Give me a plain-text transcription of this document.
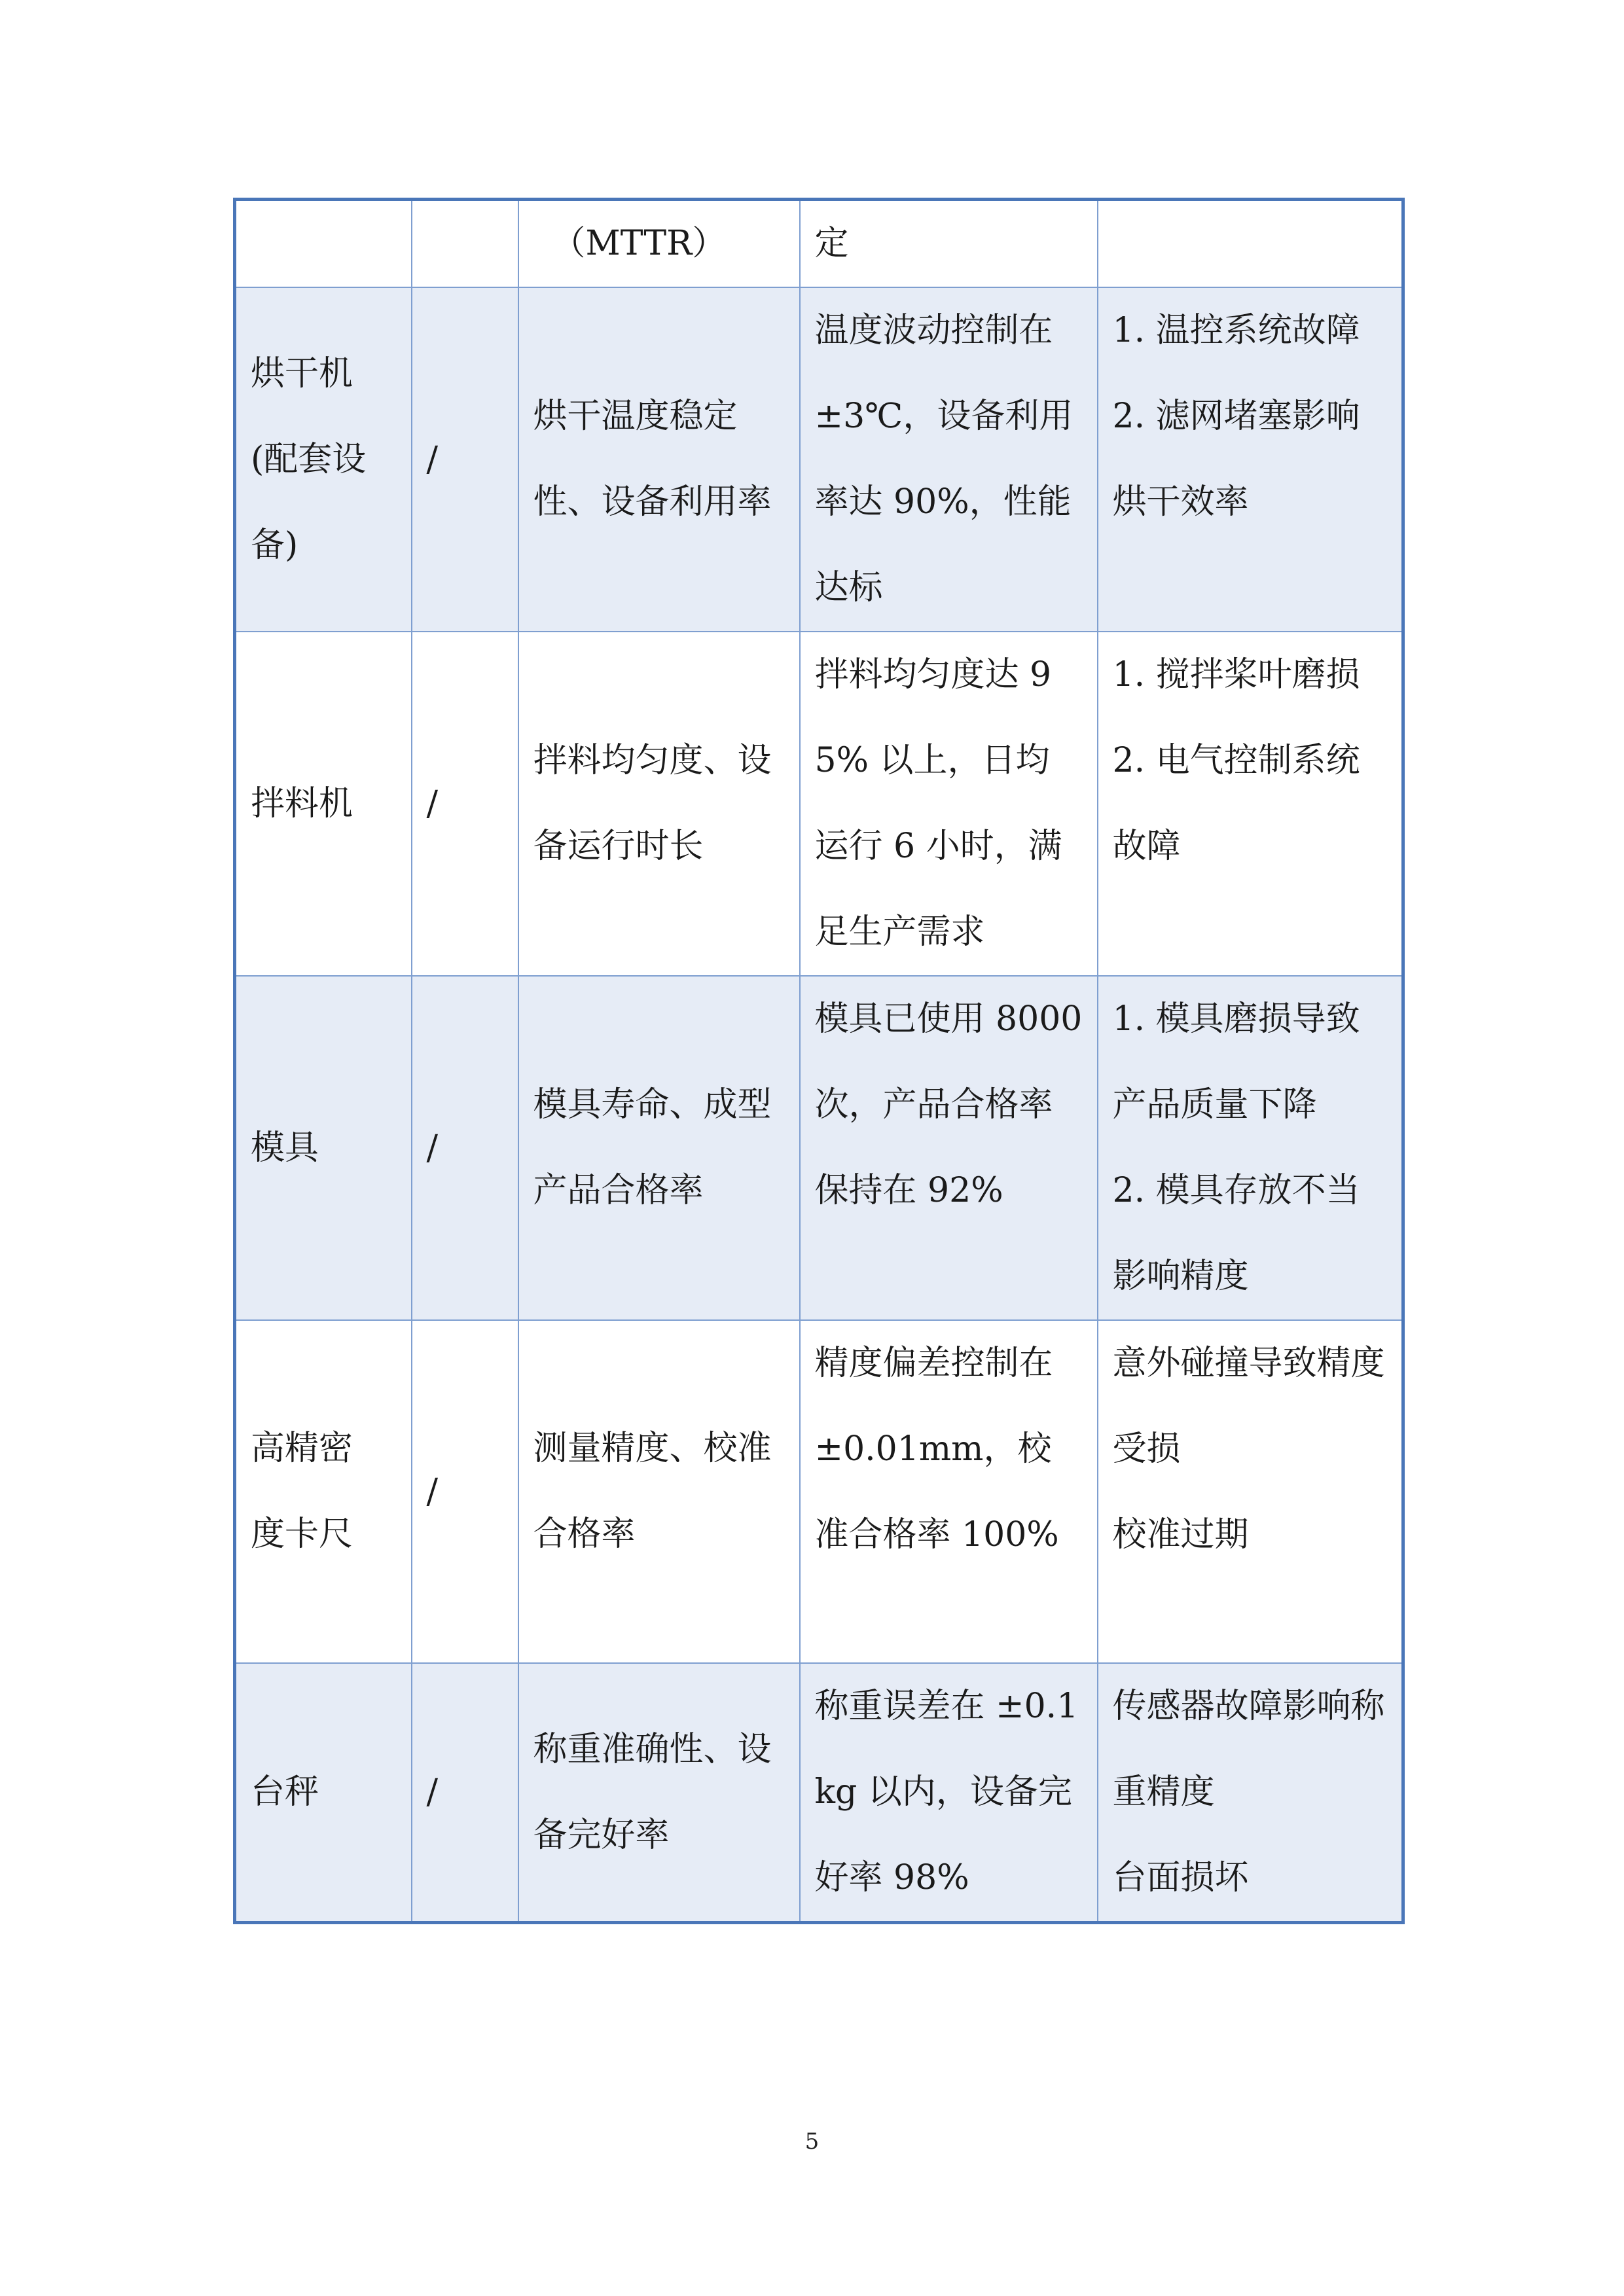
		（MTTR）	定	

烘干机
(配套设备)	/	烘干温度稳定性、设备利用率	温度波动控制在 ±3℃，设备利用率达 90%，性能达标	1. 温控系统故障 2. 滤网堵塞影响烘干效率

拌料机	/	拌料均匀度、设备运行时长	拌料均匀度达 95% 以上，日均运行 6 小时，满足生产需求	1. 搅拌桨叶磨损 2. 电气控制系统故障

模具	/	模具寿命、成型产品合格率	模具已使用 8000 次，产品合格率保持在 92%	1. 模具磨损导致产品质量下降
2. 模具存放不当影响精度

高精密度卡尺	/	测量精度、校准合格率	精度偏差控制在 ±0.01mm，校准合格率 100%	意外碰撞导致精度受损
校准过期

台秤	/	称重准确性、设备完好率	称重误差在 ±0.1kg 以内，设备完好率 98%	传感器故障影响称重精度
台面损坏
5
